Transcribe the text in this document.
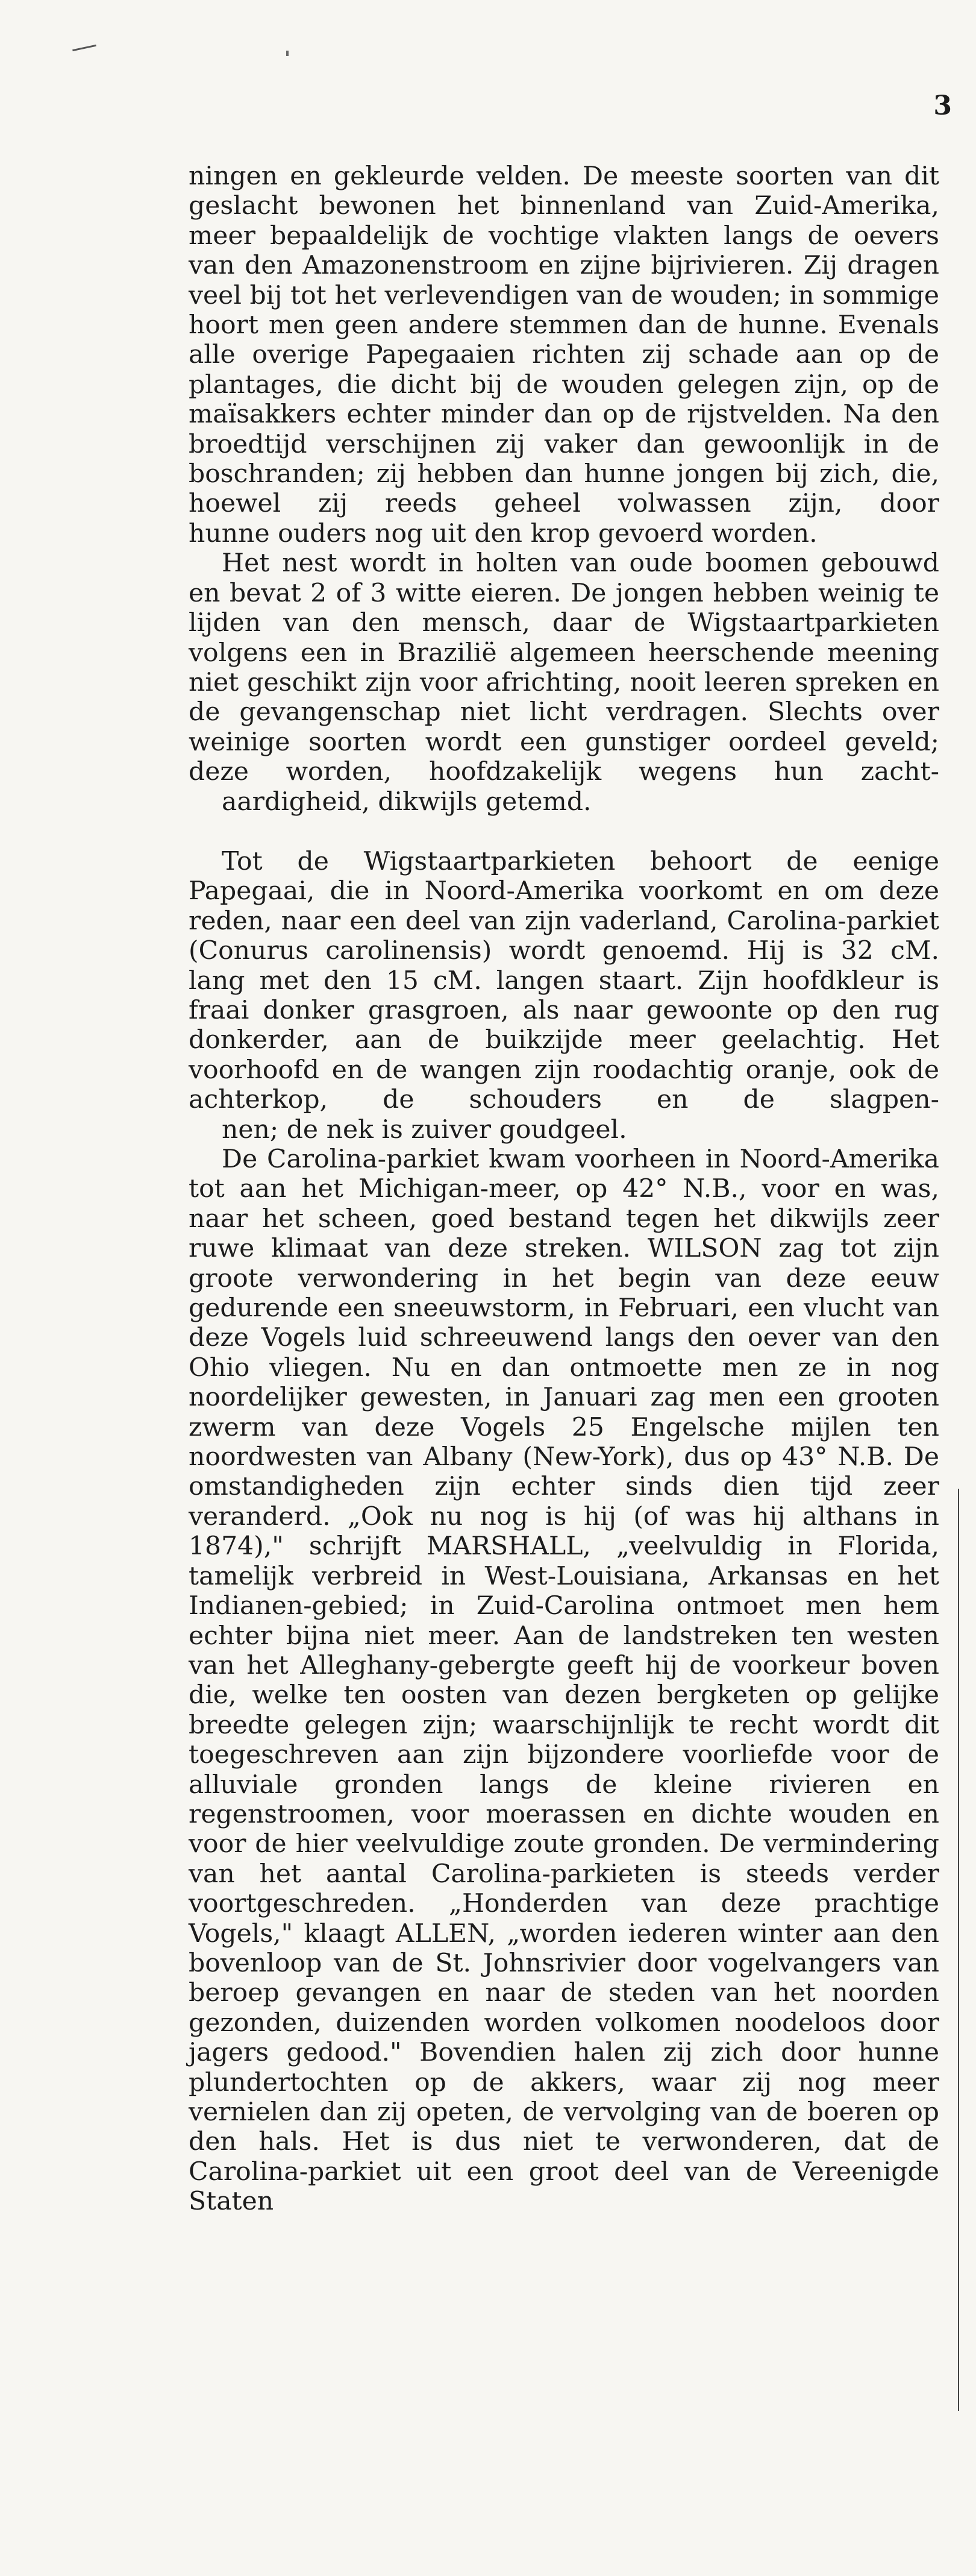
3

ningen en gekleurde velden. De meeste soorten van dit geslacht bewonen het binnenland van Zuid-Amerika, meer bepaaldelijk de vochtige vlakten langs de oevers van den Amazonenstroom en zijne bijrivieren. Zij dragen veel bij tot het verlevendigen van de wouden; in sommige hoort men geen andere stemmen dan de hunne. Evenals alle overige Papegaaien richten zij schade aan op de plantages, die dicht bij de wouden gelegen zijn, op de maïsakkers echter minder dan op de rijstvelden. Na den broedtijd verschijnen zij vaker dan gewoonlijk in de boschranden; zij hebben dan hunne jongen bij zich, die, hoewel zij reeds geheel volwassen zijn, door
hunne ouders nog uit den krop gevoerd worden.

Het nest wordt in holten van oude boomen gebouwd en bevat 2 of 3 witte eieren. De jongen hebben weinig te lijden van den mensch, daar de Wigstaartparkieten volgens een in Brazilië algemeen heerschende meening niet geschikt zijn voor africhting, nooit leeren spreken en de gevangenschap niet licht verdragen. Slechts over weinige soorten wordt een gunstiger oordeel geveld; deze worden, hoofdzakelijk wegens hun zacht-
aardigheid, dikwijls getemd.

Tot de Wigstaartparkieten behoort de eenige Papegaai, die in Noord-Amerika voorkomt en om deze reden, naar een deel van zijn vaderland, Carolina-parkiet (Conurus carolinensis) wordt genoemd. Hij is 32 cM. lang met den 15 cM. langen staart. Zijn hoofdkleur is fraai donker grasgroen, als naar gewoonte op den rug donkerder, aan de buikzijde meer geelachtig. Het voorhoofd en de wangen zijn roodachtig oranje, ook de achterkop, de schouders en de slagpen-
nen; de nek is zuiver goudgeel.

De Carolina-parkiet kwam voorheen in Noord-Amerika tot aan het Michigan-meer, op 42° N.B., voor en was, naar het scheen, goed bestand tegen het dikwijls zeer ruwe klimaat van deze streken. WILSON zag tot zijn groote verwondering in het begin van deze eeuw gedurende een sneeuwstorm, in Februari, een vlucht van deze Vogels luid schreeuwend langs den oever van den Ohio vliegen. Nu en dan ontmoette men ze in nog noordelijker gewesten, in Januari zag men een grooten zwerm van deze Vogels 25 Engelsche mijlen ten noordwesten van Albany (New-York), dus op 43° N.B. De omstandigheden zijn echter sinds dien tijd zeer veranderd. „Ook nu nog is hij (of was hij althans in 1874)," schrijft MARSHALL, „veelvuldig in Florida, tamelijk verbreid in West-Louisiana, Arkansas en het Indianen-gebied; in Zuid-Carolina ontmoet men hem echter bijna niet meer. Aan de landstreken ten westen van het Alleghany-gebergte geeft hij de voorkeur boven die, welke ten oosten van dezen bergketen op gelijke breedte gelegen zijn; waarschijnlijk te recht wordt dit toegeschreven aan zijn bijzondere voorliefde voor de alluviale gronden langs de kleine rivieren en regenstroomen, voor moerassen en dichte wouden en voor de hier veelvuldige zoute gronden. De vermindering van het aantal Carolina-parkieten is steeds verder voortgeschreden. „Honderden van deze prachtige Vogels," klaagt ALLEN, „worden iederen winter aan den bovenloop van de St. Johnsrivier door vogelvangers van beroep gevangen en naar de steden van het noorden gezonden, duizenden worden volkomen noodeloos door jagers gedood." Bovendien halen zij zich door hunne plundertochten op de akkers, waar zij nog meer vernielen dan zij opeten, de vervolging van de boeren op den hals. Het is dus niet te verwonderen, dat de Carolina-parkiet uit een groot deel van de Vereenigde Staten
